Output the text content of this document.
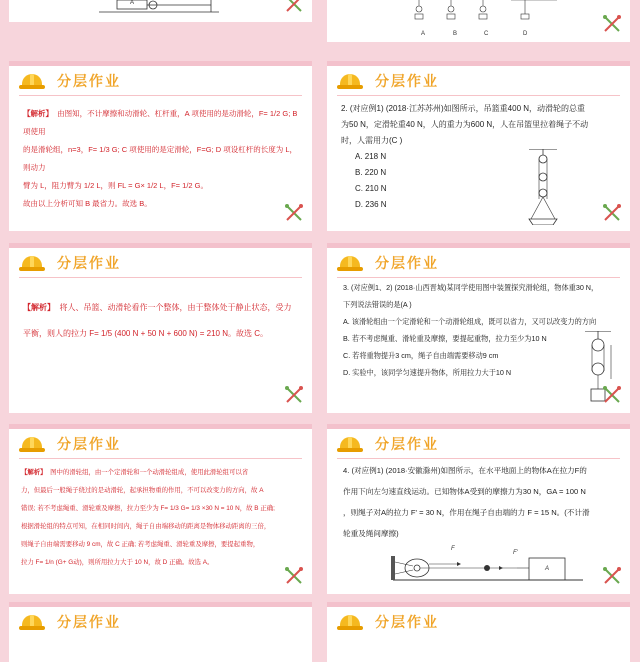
A
A	B	C	D
分层作业
【解析】 由图知，不计摩擦和动滑轮、杠杆重，A 项使用的是动滑轮，F= 1/2 G; B 项使用
的是滑轮组，n=3，F= 1/3 G; C 项使用的是定滑轮，F=G; D 项设杠杆的长度为 L，则动力
臂为 L，阻力臂为 1/2 L，则 FL = G× 1/2 L，F= 1/2 G。
故由以上分析可知 B 最省力。故选 B。
分层作业
2. (对应例1) (2018·江苏苏州)如图所示，吊篮重400 N，动滑轮的总重
为50 N，定滑轮重40 N，人的重力为600 N，人在吊篮里拉着绳子不动
时，人需用力(C )
A. 218 N
B. 220 N
C. 210 N
D. 236 N
分层作业
【解析】 将人、吊篮、动滑轮看作一个整体，由于整体处于静止状态，受力
平衡，则人的拉力 F= 1/5 (400 N + 50 N + 600 N) = 210 N。故选 C。
分层作业
3. (对应例1、2) (2018·山西晋城)某同学使用图中装置探究滑轮组，物体重30 N，
下列说法错误的是(A )
A. 该滑轮组由一个定滑轮和一个动滑轮组成，既可以省力，又可以改变力的方向
B. 若不考虑绳重、滑轮重及摩擦，要提起重物，拉力至少为10 N
C. 若将重物提升3 cm，绳子自由端需要移动9 cm
D. 实验中，该同学匀速提升物体，所用拉力大于10 N
分层作业
【解析】 图中的滑轮组，由一个定滑轮和一个动滑轮组成，使用此滑轮组可以省
力，但最后一般绳子绕过的是动滑轮，起承担物重的作用，不可以改变力的方向，故 A
错误; 若不考虑绳重、滑轮重及摩擦，拉力至少为 F= 1/3 G= 1/3 ×30 N = 10 N，故 B 正确;
根据滑轮组的特点可知，在相同时间内，绳子自由端移动的距离是物体移动距离的三倍，
则绳子自由端需要移动 9 cm，故 C 正确; 若考虑绳重、滑轮重及摩擦，要提起重物，
拉力 F= 1/n (G+ G动)，则所用拉力大于 10 N，故 D 正确。故选 A。
分层作业
4. (对应例1) (2018·安徽滁州)如图所示，在水平地面上的物体A在拉力F的
作用下向左匀速直线运动。已知物体A受到的摩擦力为30 N，GA = 100 N
，则绳子对A的拉力 F' = 30 N，作用在绳子自由端的力 F = 15 N。(不计滑
轮重及绳间摩擦)
F
F'
A
分层作业	分层作业
